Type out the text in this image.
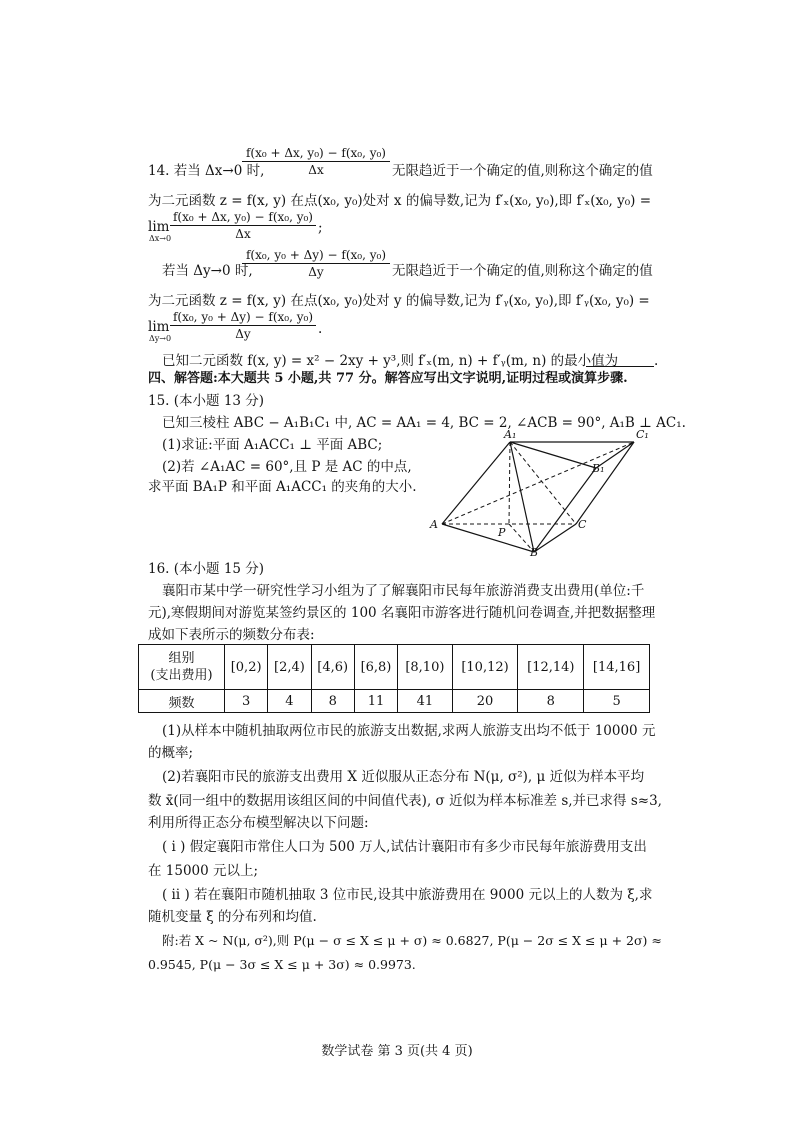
14. 若当 Δx→0 时,
$\frac{\text{f(x₀ + Δx, y₀) − f(x₀, y₀)}}{\Delta x}$ 无限趋近于一个确定的值,则称这个确定的值
为二元函数 z = f(x, y) 在点(x₀, y₀)处对 x 的偏导数,记为 f′ₓ(x₀, y₀),即 f′ₓ(x₀, y₀) =
lim
Δx→0
$\frac{\text{f(x₀ + Δx, y₀) − f(x₀, y₀)}}{\Delta x}$ ;
若当 Δy→0 时,
$\frac{\text{f(x₀, y₀ + Δy) − f(x₀, y₀)}}{\Delta y}$ 无限趋近于一个确定的值,则称这个确定的值
为二元函数 z = f(x, y) 在点(x₀, y₀)处对 y 的偏导数,记为 f′ᵧ(x₀, y₀),即 f′ᵧ(x₀, y₀) =
lim
Δy→0
$\frac{\text{f(x₀, y₀ + Δy) − f(x₀, y₀)}}{\Delta y}$ .
已知二元函数 f(x, y) = x² − 2xy + y³,则 f′ₓ(m, n) + f′ᵧ(m, n) 的最小值为	.
四、解答题:本大题共 5 小题,共 77 分。解答应写出文字说明,证明过程或演算步骤.
15. (本小题 13 分)
已知三棱柱 ABC − A₁B₁C₁ 中, AC = AA₁ = 4, BC = 2, ∠ACB = 90°, A₁B ⊥ AC₁.
(1)求证:平面 A₁ACC₁ ⊥ 平面 ABC;
(2)若 ∠A₁AC = 60°,且 P 是 AC 的中点,
求平面 BA₁P 和平面 A₁ACC₁ 的夹角的大小.
A₁	C₁
B₁
A
P
C
B
16. (本小题 15 分)
襄阳市某中学一研究性学习小组为了了解襄阳市民每年旅游消费支出费用(单位:千
元),寒假期间对游览某签约景区的 100 名襄阳市游客进行随机问卷调查,并把数据整理
成如下表所示的频数分布表:
组别
(支出费用)	[0,2)	[2,4)	[4,6)	[6,8)	[8,10)	[10,12)	[12,14)	[14,16]
频数	3	4	8	11	41	20	8	5
(1)从样本中随机抽取两位市民的旅游支出数据,求两人旅游支出均不低于 10000 元
的概率;
(2)若襄阳市民的旅游支出费用 X 近似服从正态分布 N(μ, σ²), μ 近似为样本平均
数 x̄(同一组中的数据用该组区间的中间值代表), σ 近似为样本标准差 s,并已求得 s≈3,
利用所得正态分布模型解决以下问题:
( ⅰ ) 假定襄阳市常住人口为 500 万人,试估计襄阳市有多少市民每年旅游费用支出
在 15000 元以上;
( ⅱ ) 若在襄阳市随机抽取 3 位市民,设其中旅游费用在 9000 元以上的人数为 ξ,求
随机变量 ξ 的分布列和均值.
附:若 X ~ N(μ, σ²),则 P(μ − σ ≤ X ≤ μ + σ) ≈ 0.6827, P(μ − 2σ ≤ X ≤ μ + 2σ) ≈
0.9545, P(μ − 3σ ≤ X ≤ μ + 3σ) ≈ 0.9973.
数学试卷 第 3 页(共 4 页)
